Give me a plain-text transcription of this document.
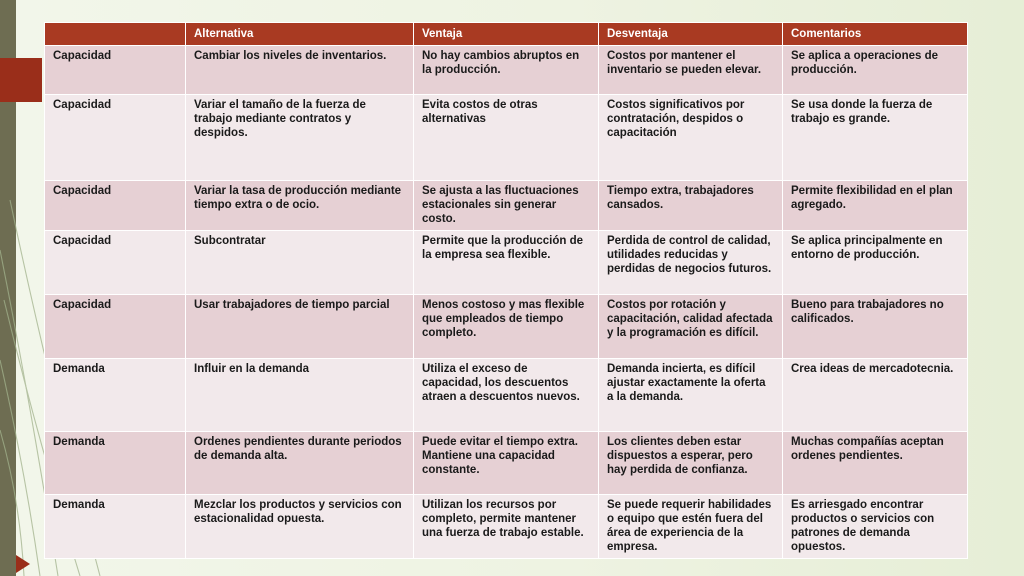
	Alternativa	Ventaja	Desventaja	Comentarios
Capacidad	Cambiar los niveles de inventarios.	No hay cambios abruptos en la producción.	Costos por mantener el inventario se pueden elevar.	Se aplica a operaciones de producción.
Capacidad	Variar el tamaño de la fuerza de trabajo mediante contratos y despidos.	Evita costos de otras alternativas	Costos significativos por contratación, despidos o capacitación	Se usa donde la fuerza de trabajo es grande.
Capacidad	Variar la tasa de producción mediante tiempo extra o de ocio.	Se ajusta a las fluctuaciones estacionales sin generar costo.	Tiempo extra, trabajadores cansados.	Permite flexibilidad en el plan agregado.
Capacidad	Subcontratar	Permite que la producción de la empresa sea flexible.	Perdida de control de calidad, utilidades reducidas y perdidas de negocios futuros.	Se aplica principalmente en entorno de producción.
Capacidad	Usar trabajadores de tiempo parcial	Menos costoso y mas flexible que empleados de tiempo completo.	Costos por rotación y capacitación, calidad afectada y la programación es difícil.	Bueno para trabajadores no calificados.
Demanda	Influir en la demanda	Utiliza el exceso de capacidad, los descuentos atraen a descuentos nuevos.	Demanda incierta, es difícil ajustar exactamente la oferta a la demanda.	Crea ideas de mercadotecnia.
Demanda	Ordenes pendientes durante periodos de demanda alta.	Puede evitar el tiempo extra. Mantiene una capacidad constante.	Los clientes deben estar dispuestos a esperar, pero hay perdida de confianza.	Muchas compañías aceptan ordenes pendientes.
Demanda	Mezclar los productos y servicios con estacionalidad opuesta.	Utilizan los recursos por completo, permite mantener una fuerza de trabajo estable.	Se puede requerir habilidades o equipo que estén fuera del área de experiencia de la empresa.	Es arriesgado encontrar productos o servicios con patrones de demanda opuestos.
